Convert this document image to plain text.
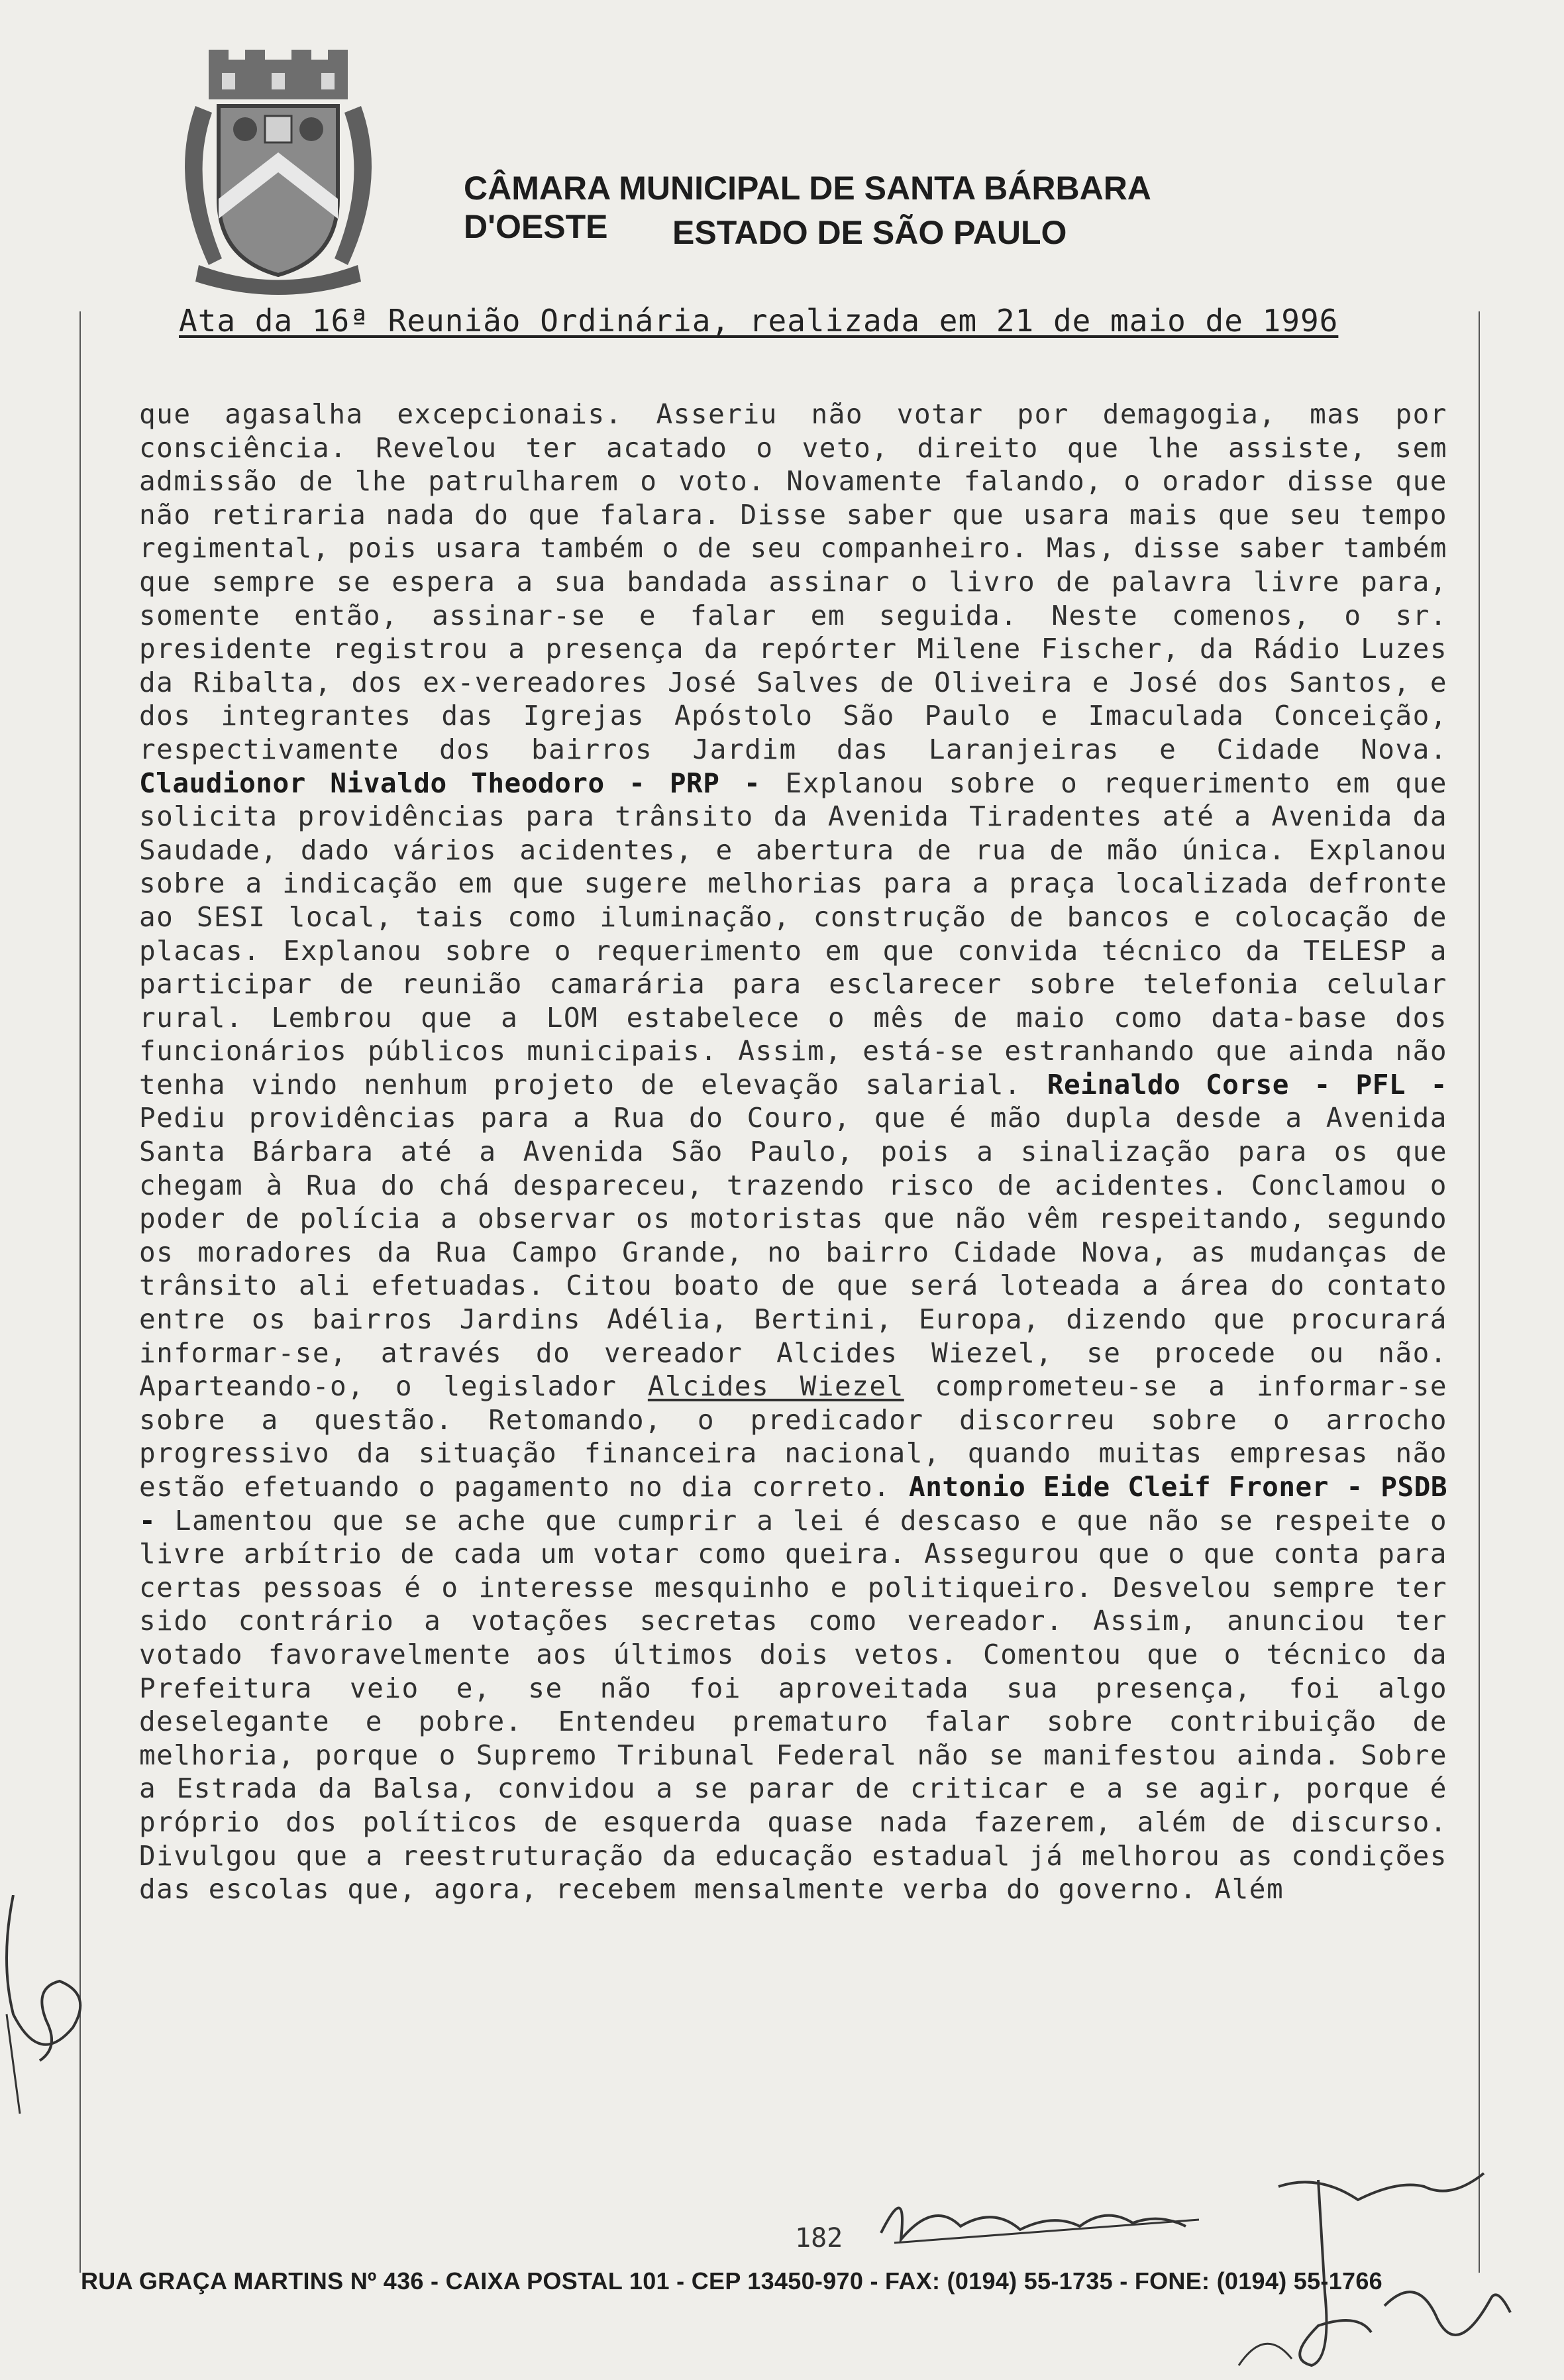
CÂMARA MUNICIPAL DE SANTA BÁRBARA D'OESTE	ESTADO DE SÃO PAULO
Ata da 16ª Reunião Ordinária, realizada em 21 de maio de 1996
que agasalha excepcionais. Asseriu não votar por demagogia, mas por consciência. Revelou ter acatado o veto, direito que lhe assiste, sem admissão de lhe patrulharem o voto. Novamente falando, o orador disse que não retiraria nada do que falara. Disse saber que usara mais que seu tempo regimental, pois usara também o de seu companheiro. Mas, disse saber também que sempre se espera a sua bandada assinar o livro de palavra livre para, somente então, assinar-se e falar em seguida. Neste comenos, o sr. presidente registrou a presença da repórter Milene Fischer, da Rádio Luzes da Ribalta, dos ex-vereadores José Salves de Oliveira e José dos Santos, e dos integrantes das Igrejas Apóstolo São Paulo e Imaculada Conceição, respectivamente dos bairros Jardim das Laranjeiras e Cidade Nova. Claudionor Nivaldo Theodoro - PRP - Explanou sobre o requerimento em que solicita providências para trânsito da Avenida Tiradentes até a Avenida da Saudade, dado vários acidentes, e abertura de rua de mão única. Explanou sobre a indicação em que sugere melhorias para a praça localizada defronte ao SESI local, tais como iluminação, construção de bancos e colocação de placas. Explanou sobre o requerimento em que convida técnico da TELESP a participar de reunião camarária para esclarecer sobre telefonia celular rural. Lembrou que a LOM estabelece o mês de maio como data-base dos funcionários públicos municipais. Assim, está-se estranhando que ainda não tenha vindo nenhum projeto de elevação salarial. Reinaldo Corse - PFL - Pediu providências para a Rua do Couro, que é mão dupla desde a Avenida Santa Bárbara até a Avenida São Paulo, pois a sinalização para os que chegam à Rua do chá despareceu, trazendo risco de acidentes. Conclamou o poder de polícia a observar os motoristas que não vêm respeitando, segundo os moradores da Rua Campo Grande, no bairro Cidade Nova, as mudanças de trânsito ali efetuadas. Citou boato de que será loteada a área do contato entre os bairros Jardins Adélia, Bertini, Europa, dizendo que procurará informar-se, através do vereador Alcides Wiezel, se procede ou não. Aparteando-o, o legislador Alcides Wiezel comprometeu-se a informar-se sobre a questão. Retomando, o predicador discorreu sobre o arrocho progressivo da situação financeira nacional, quando muitas empresas não estão efetuando o pagamento no dia correto. Antonio Eide Cleif Froner - PSDB - Lamentou que se ache que cumprir a lei é descaso e que não se respeite o livre arbítrio de cada um votar como queira. Assegurou que o que conta para certas pessoas é o interesse mesquinho e politiqueiro. Desvelou sempre ter sido contrário a votações secretas como vereador. Assim, anunciou ter votado favoravelmente aos últimos dois vetos. Comentou que o técnico da Prefeitura veio e, se não foi aproveitada sua presença, foi algo deselegante e pobre. Entendeu prematuro falar sobre contribuição de melhoria, porque o Supremo Tribunal Federal não se manifestou ainda. Sobre a Estrada da Balsa, convidou a se parar de criticar e a se agir, porque é próprio dos políticos de esquerda quase nada fazerem, além de discurso. Divulgou que a reestruturação da educação estadual já melhorou as condições das escolas que, agora, recebem mensalmente verba do governo. Além
182
RUA GRAÇA MARTINS Nº 436 - CAIXA POSTAL 101 - CEP 13450-970 - FAX: (0194) 55-1735 - FONE: (0194) 55-1766
